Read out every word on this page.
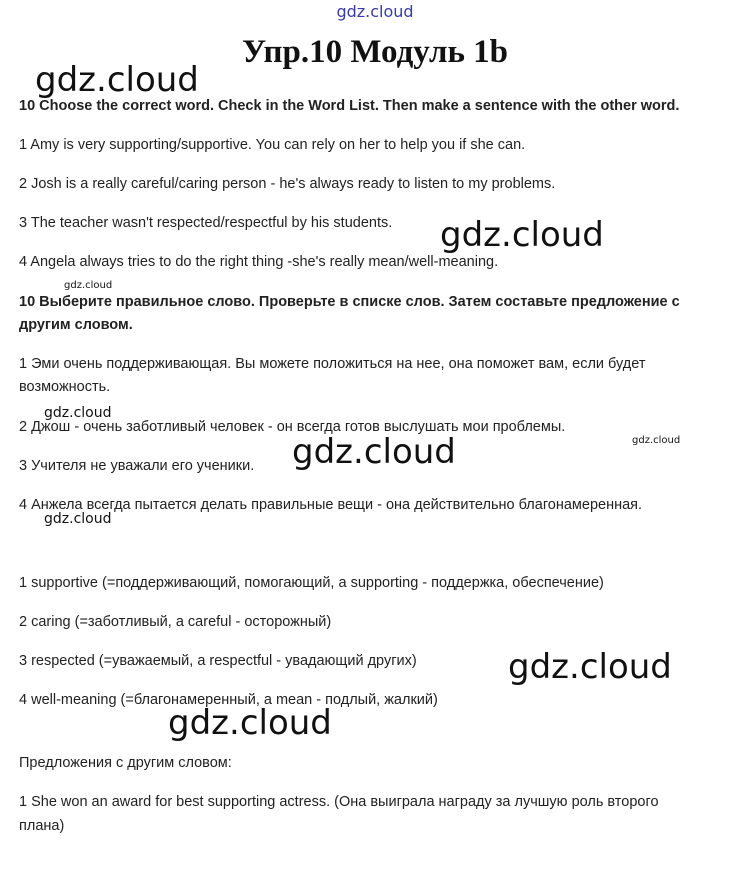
gdz.cloud
Упр.10 Модуль 1b
gdz.cloud
10 Choose the correct word. Check in the Word List. Then make a sentence with the other word.
1 Amy is very supporting/supportive. You can rely on her to help you if she can.
2 Josh is a really careful/caring person - he's always ready to listen to my problems.
3 The teacher wasn't respected/respectful by his students. gdz.cloud
4 Angela always tries to do the right thing -she's really mean/well-meaning.
gdz.cloud
10 Выберите правильное слово. Проверьте в списке слов. Затем составьте предложение с
другим словом.
1 Эми очень поддерживающая. Вы можете положиться на нее, она поможет вам, если будет
возможность.
gdz.cloud
2 Джош - очень заботливый человек - он всегда готов выслушать мои проблемы.
gdz.cloud
gdz.cloud
3 Учителя не уважали его ученики.
4 Анжела всегда пытается делать правильные вещи - она действительно благонамеренная.
gdz.cloud
1 supportive (=поддерживающий, помогающий, а supporting - поддержка, обеспечение)
2 caring (=заботливый, а careful - осторожный)
3 respected (=уважаемый, а respectful - увадающий других)	gdz.cloud
4 well-meaning (=благонамеренный, а mean - подлый, жалкий)
gdz.cloud
Предложения с другим словом:
1 She won an award for best supporting actress. (Она выиграла награду за лучшую роль второго
плана)
